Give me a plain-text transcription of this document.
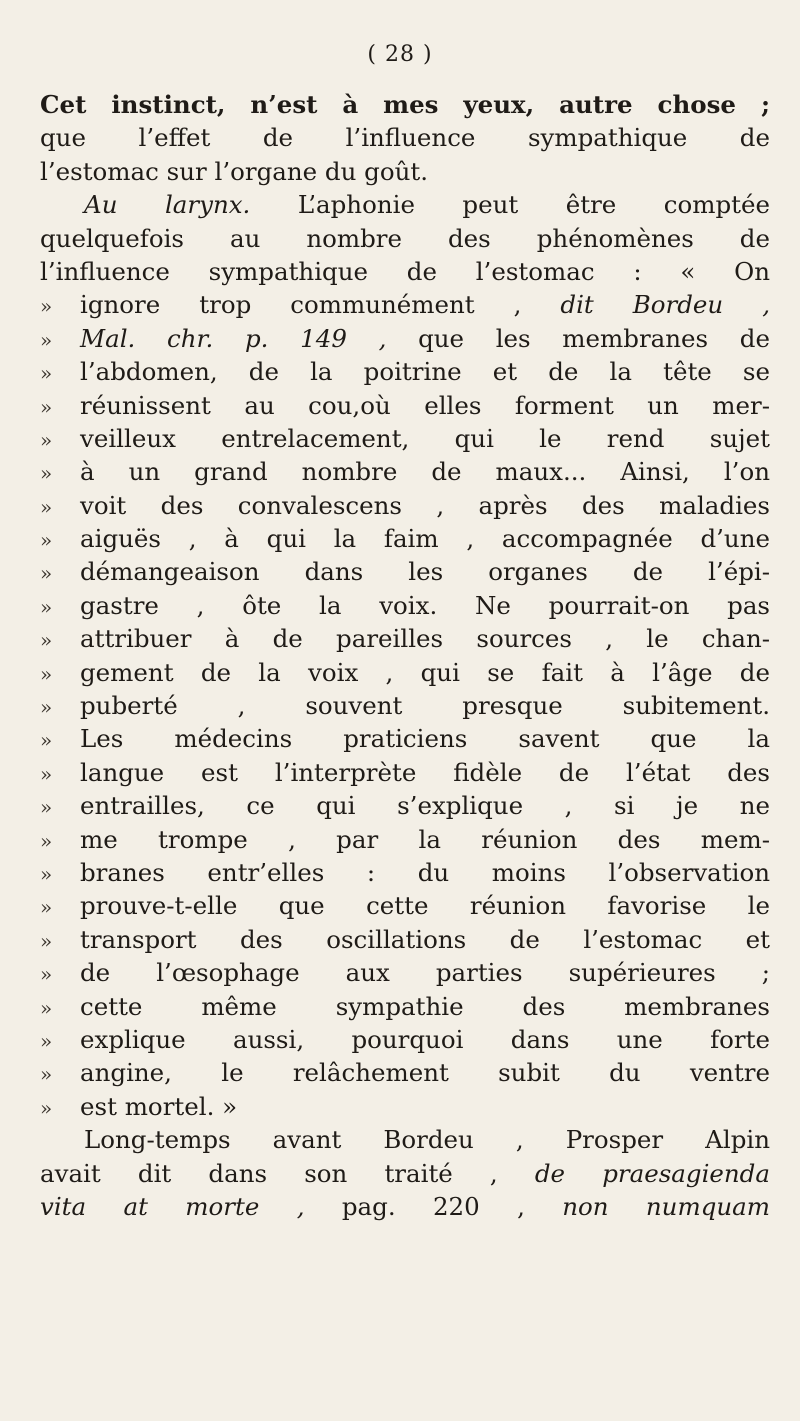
( 28 )
Cet instinct, n’est à mes yeux, autre chose ;
que l’effet de l’influence sympathique de
l’estomac sur l’organe du goût.
Au larynx. L’aphonie peut être comptée
quelquefois au nombre des phénomènes de
l’influence sympathique de l’estomac : « On
» ignore trop communément , dit Bordeu ,
» Mal. chr. p. 149 , que les membranes de
» l’abdomen, de la poitrine et de la tête se
» réunissent au cou,où elles forment un mer-
» veilleux entrelacement, qui le rend sujet
» à un grand nombre de maux... Ainsi, l’on
» voit des convalescens , après des maladies
» aiguës , à qui la faim , accompagnée d’une
» démangeaison dans les organes de l’épi-
» gastre , ôte la voix. Ne pourrait-on pas
» attribuer à de pareilles sources , le chan-
» gement de la voix , qui se fait à l’âge de
» puberté , souvent presque subitement.
» Les médecins praticiens savent que la
» langue est l’interprète fidèle de l’état des
» entrailles, ce qui s’explique , si je ne
» me trompe , par la réunion des mem-
» branes entr’elles : du moins l’observation
» prouve-t-elle que cette réunion favorise le
» transport des oscillations de l’estomac et
» de l’œsophage aux parties supérieures ;
» cette même sympathie des membranes
» explique aussi, pourquoi dans une forte
» angine, le relâchement subit du ventre
» est mortel. »
Long-temps avant Bordeu , Prosper Alpin
avait dit dans son traité , de praesagienda
vita at morte , pag. 220 , non numquam
